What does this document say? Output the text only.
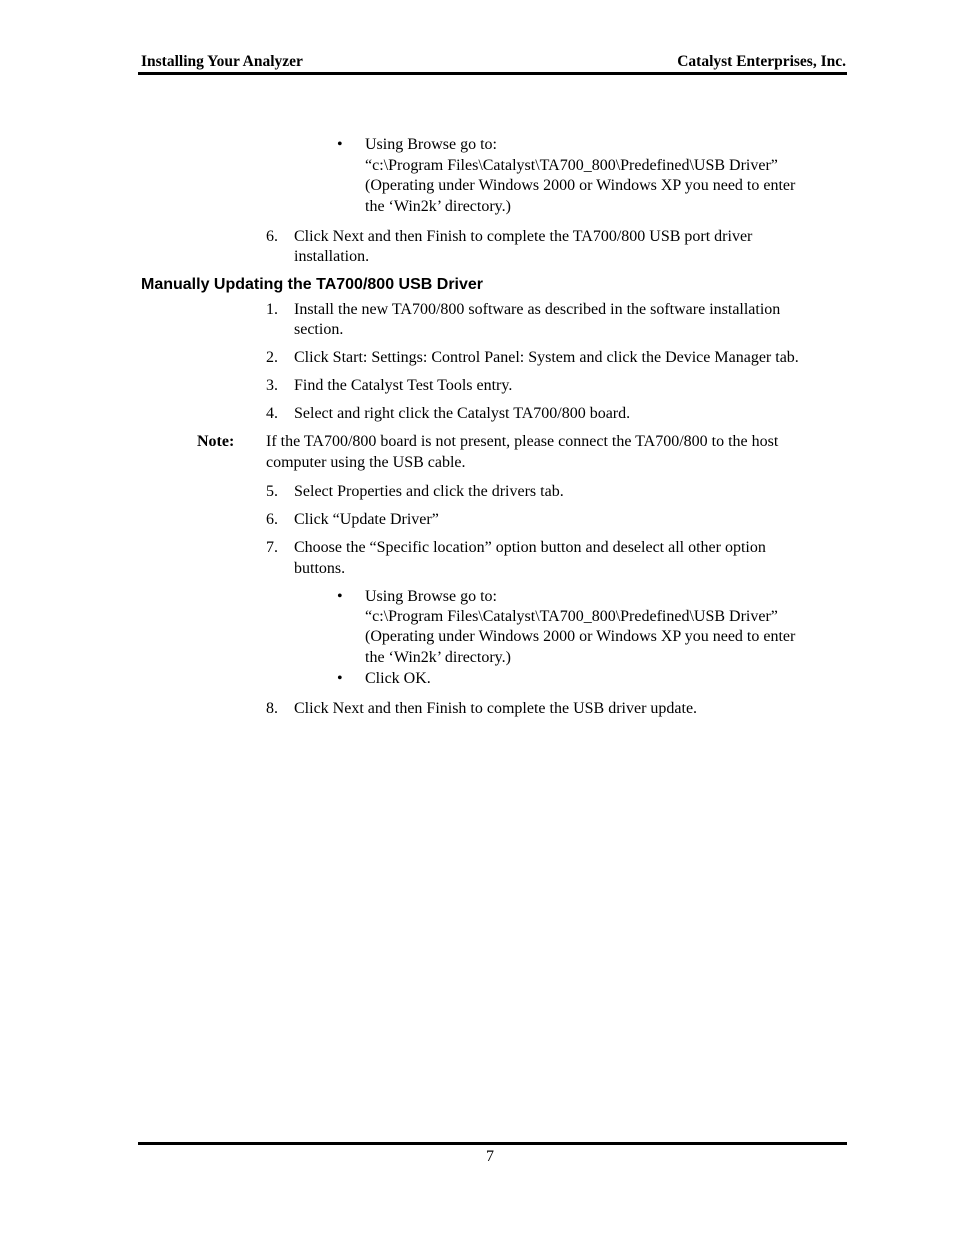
Installing Your Analyzer	Catalyst Enterprises, Inc.
• Using Browse go to:
“c:\Program Files\Catalyst\TA700_800\Predefined\USB Driver”
(Operating under Windows 2000 or Windows XP you need to enter
the ‘Win2k’ directory.)
6. Click Next and then Finish to complete the TA700/800 USB port driver
installation.
Manually Updating the TA700/800 USB Driver
1. Install the new TA700/800 software as described in the software installation
section.
2. Click Start: Settings: Control Panel: System and click the Device Manager tab.
3. Find the Catalyst Test Tools entry.
4. Select and right click the Catalyst TA700/800 board.
Note: If the TA700/800 board is not present, please connect the TA700/800 to the host
computer using the USB cable.
5. Select Properties and click the drivers tab.
6. Click “Update Driver”
7. Choose the “Specific location” option button and deselect all other option
buttons.
• Using Browse go to:
“c:\Program Files\Catalyst\TA700_800\Predefined\USB Driver”
(Operating under Windows 2000 or Windows XP you need to enter
the ‘Win2k’ directory.)
• Click OK.
8. Click Next and then Finish to complete the USB driver update.
7
